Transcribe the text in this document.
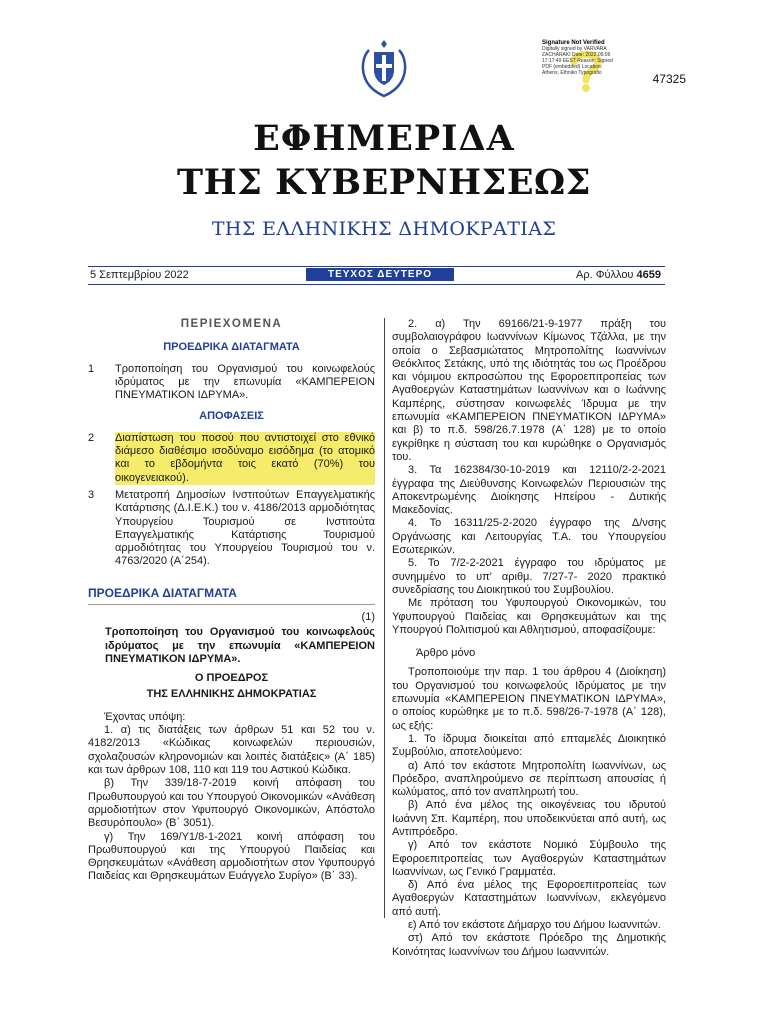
Signature Not Verified
Digitally signed by VARVARA ZACHARAKI Date: 2022.09.06 17:17:49 EEST Reason: Signed PDF (embedded) Location: Athens, Ethniko Typografio	47325
ΕΦΗΜΕΡΙΔΑ
ΤΗΣ ΚΥΒΕΡΝΗΣΕΩΣ
ΤΗΣ ΕΛΛΗΝΙΚΗΣ ΔΗΜΟΚΡΑΤΙΑΣ
5 Σεπτεμβρίου 2022	ΤΕΥΧΟΣ ΔΕΥΤΕΡΟ	Αρ. Φύλλου 4659
ΠΕΡΙΕΧΟΜΕΝΑ
ΠΡΟΕΔΡΙΚΑ ΔΙΑΤΑΓΜΑΤΑ
1	Τροποποίηση του Οργανισμού του κοινωφελούς ιδρύματος με την επωνυμία «ΚΑΜΠΕΡΕΙΟΝ ΠΝΕΥΜΑΤΙΚΟΝ ΙΔΡΥΜΑ».
ΑΠΟΦΑΣΕΙΣ
2	Διαπίστωση του ποσού που αντιστοιχεί στο εθνικό διάμεσο διαθέσιμο ισοδύναμο εισόδημα (το ατομικό και το εβδομήντα τοις εκατό (70%) του οικογενειακού).
3	Μετατροπή Δημοσίων Ινστιτούτων Επαγγελματικής Κατάρτισης (Δ.Ι.Ε.Κ.) του ν. 4186/2013 αρμοδιότητας Υπουργείου Τουρισμού σε Ινστιτούτα Επαγγελματικής Κατάρτισης Τουρισμού αρμοδιότητας του Υπουργείου Τουρισμού του ν. 4763/2020 (Α΄254).
ΠΡΟΕΔΡΙΚΑ ΔΙΑΤΑΓΜΑΤΑ

(1)

Τροποποίηση του Οργανισμού του κοινωφελούς ιδρύματος με την επωνυμία «ΚΑΜΠΕΡΕΙΟΝ ΠΝΕΥΜΑΤΙΚΟΝ ΙΔΡΥΜΑ».

Ο ΠΡΟΕΔΡΟΣ

ΤΗΣ ΕΛΛΗΝΙΚΗΣ ΔΗΜΟΚΡΑΤΙΑΣ

Έχοντας υπόψη:

1. α) τις διατάξεις των άρθρων 51 και 52 του ν. 4182/2013 «Κώδικας κοινωφελών περιουσιών, σχολαζουσών κληρονομιών και λοιπές διατάξεις» (Α΄ 185) και των άρθρων 108, 110 και 119 του Αστικού Κώδικα.

β) Την 339/18-7-2019 κοινή απόφαση του Πρωθυπουργού και του Υπουργού Οικονομικών «Ανάθεση αρμοδιοτήτων στον Υφυπουργό Οικονομικών, Απόστολο Βεσυρόπουλο» (Β΄ 3051).

γ) Την 169/Υ1/8-1-2021 κοινή απόφαση του Πρωθυπουργού και της Υπουργού Παιδείας και Θρησκευμάτων «Ανάθεση αρμοδιοτήτων στον Υφυπουργό Παιδείας και Θρησκευμάτων Ευάγγελο Συρίγο» (Β΄ 33).

2. α) Την 69166/21-9-1977 πράξη του συμβολαιογράφου Ιωαννίνων Κίμωνος Τζάλλα, με την οποία ο Σεβασμιώτατος Μητροπολίτης Ιωαννίνων Θεόκλιτος Σετάκης, υπό της ιδιότητάς του ως Προέδρου και νόμιμου εκπροσώπου της Εφοροεπιτροπείας των Αγαθοεργών Καταστημάτων Ιωαννίνων και ο Ιωάννης Καμπέρης, σύστησαν κοινωφελές Ίδρυμα με την επωνυμία «ΚΑΜΠΕΡΕΙΟΝ ΠΝΕΥΜΑΤΙΚΟΝ ΙΔΡΥΜΑ» και β) το π.δ. 598/26.7.1978 (Α΄ 128) με το οποίο εγκρίθηκε η σύσταση του και κυρώθηκε ο Οργανισμός του.

3. Τα 162384/30-10-2019 και 12110/2-2-2021 έγγραφα της Διεύθυνσης Κοινωφελών Περιουσιών της Αποκεντρωμένης Διοίκησης Ηπείρου - Δυτικής Μακεδονίας.

4. Το 16311/25-2-2020 έγγραφο της Δ/νσης Οργάνωσης και Λειτουργίας Τ.Α. του Υπουργείου Εσωτερικών.

5. Το 7/2-2-2021 έγγραφο του ιδρύματος με συνημμένο το υπ' αριθμ. 7/27-7- 2020 πρακτικό συνεδρίασης του Διοικητικού του Συμβουλίου.

Με πρόταση του Υφυπουργού Οικονομικών, του Υφυπουργού Παιδείας και Θρησκευμάτων και της Υπουργού Πολιτισμού και Αθλητισμού, αποφασίζουμε:

Άρθρο μόνο

Τροποποιούμε την παρ. 1 του άρθρου 4 (Διοίκηση) του Οργανισμού του κοινωφελούς Ιδρύματος με την επωνυμία «ΚΑΜΠΕΡΕΙΟΝ ΠΝΕΥΜΑΤΙΚΟΝ ΙΔΡΥΜΑ», ο οποίος κυρώθηκε με το π.δ. 598/26-7-1978 (Α΄ 128), ως εξής:

1. Το ίδρυμα διοικείται από επταμελές Διοικητικό Συμβούλιο, αποτελούμενο:

α) Από τον εκάστοτε Μητροπολίτη Ιωαννίνων, ως Πρόεδρο, αναπληρούμενο σε περίπτωση απουσίας ή κωλύματος, από τον αναπληρωτή του.

β) Από ένα μέλος της οικογένειας του ιδρυτού Ιωάννη Σπ. Καμπέρη, που υποδεικνύεται από αυτή, ως Αντιπρόεδρο.

γ) Από τον εκάστοτε Νομικό Σύμβουλο της Εφοροεπιτροπείας των Αγαθοεργών Καταστημάτων Ιωαννίνων, ως Γενικό Γραμματέα.

δ) Από ένα μέλος της Εφοροεπιτροπείας των Αγαθοεργών Καταστημάτων Ιωαννίνων, εκλεγόμενο από αυτή.

ε) Από τον εκάστοτε Δήμαρχο του Δήμου Ιωαννιτών.

στ) Από τον εκάστοτε Πρόεδρο της Δημοτικής Κοινότητας Ιωαννίνων του Δήμου Ιωαννιτών.
